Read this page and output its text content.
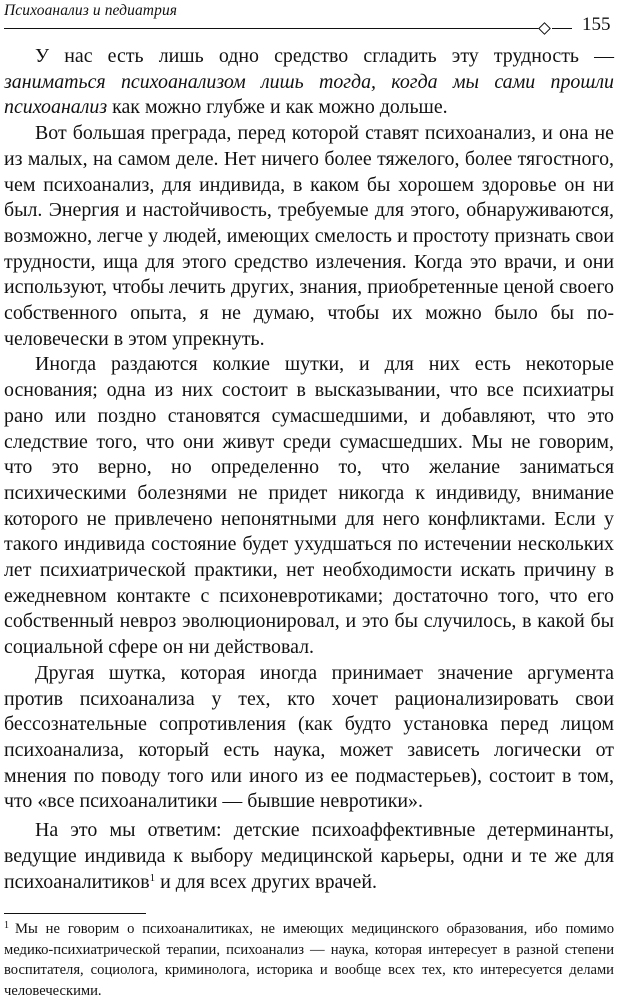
Психоанализ и педиатрия
155

У нас есть лишь одно средство сгладить эту трудность — заниматься психоанализом лишь тогда, когда мы сами прошли психоанализ как можно глубже и как можно дольше.

Вот большая преграда, перед которой ставят психоанализ, и она не из малых, на самом деле. Нет ничего более тяжелого, более тягостного, чем психоанализ, для индивида, в каком бы хорошем здоровье он ни был. Энергия и настойчивость, требуемые для этого, обнаруживаются, возможно, легче у людей, имеющих смелость и простоту признать свои трудности, ища для этого средство излечения. Когда это врачи, и они используют, чтобы лечить других, знания, приобретенные ценой своего собственного опыта, я не думаю, чтобы их можно было бы по-человечески в этом упрекнуть.

Иногда раздаются колкие шутки, и для них есть некоторые основания; одна из них состоит в высказывании, что все психиатры рано или поздно становятся сумасшедшими, и добавляют, что это следствие того, что они живут среди сумасшедших. Мы не говорим, что это верно, но определенно то, что желание заниматься психическими болезнями не придет никогда к индивиду, внимание которого не привлечено непонятными для него конфликтами. Если у такого индивида состояние будет ухудшаться по истечении нескольких лет психиатрической практики, нет необходимости искать причину в ежедневном контакте с психоневротиками; достаточно того, что его собственный невроз эволюционировал, и это бы случилось, в какой бы социальной сфере он ни действовал.

Другая шутка, которая иногда принимает значение аргумента против психоанализа у тех, кто хочет рационализировать свои бессознательные сопротивления (как будто установка перед лицом психоанализа, который есть наука, может зависеть логически от мнения по поводу того или иного из ее подмастерьев), состоит в том, что «все психоаналитики — бывшие невротики».

На это мы ответим: детские психоаффективные детерминанты, ведущие индивида к выбору медицинской карьеры, одни и те же для психоаналитиков$^1$ и для всех других врачей.

$^1$ Мы не говорим о психоаналитиках, не имеющих медицинского образования, ибо помимо медико-психиатрической терапии, психоанализ — наука, которая интересует в разной степени воспитателя, социолога, криминолога, историка и вообще всех тех, кто интересуется делами человеческими.
